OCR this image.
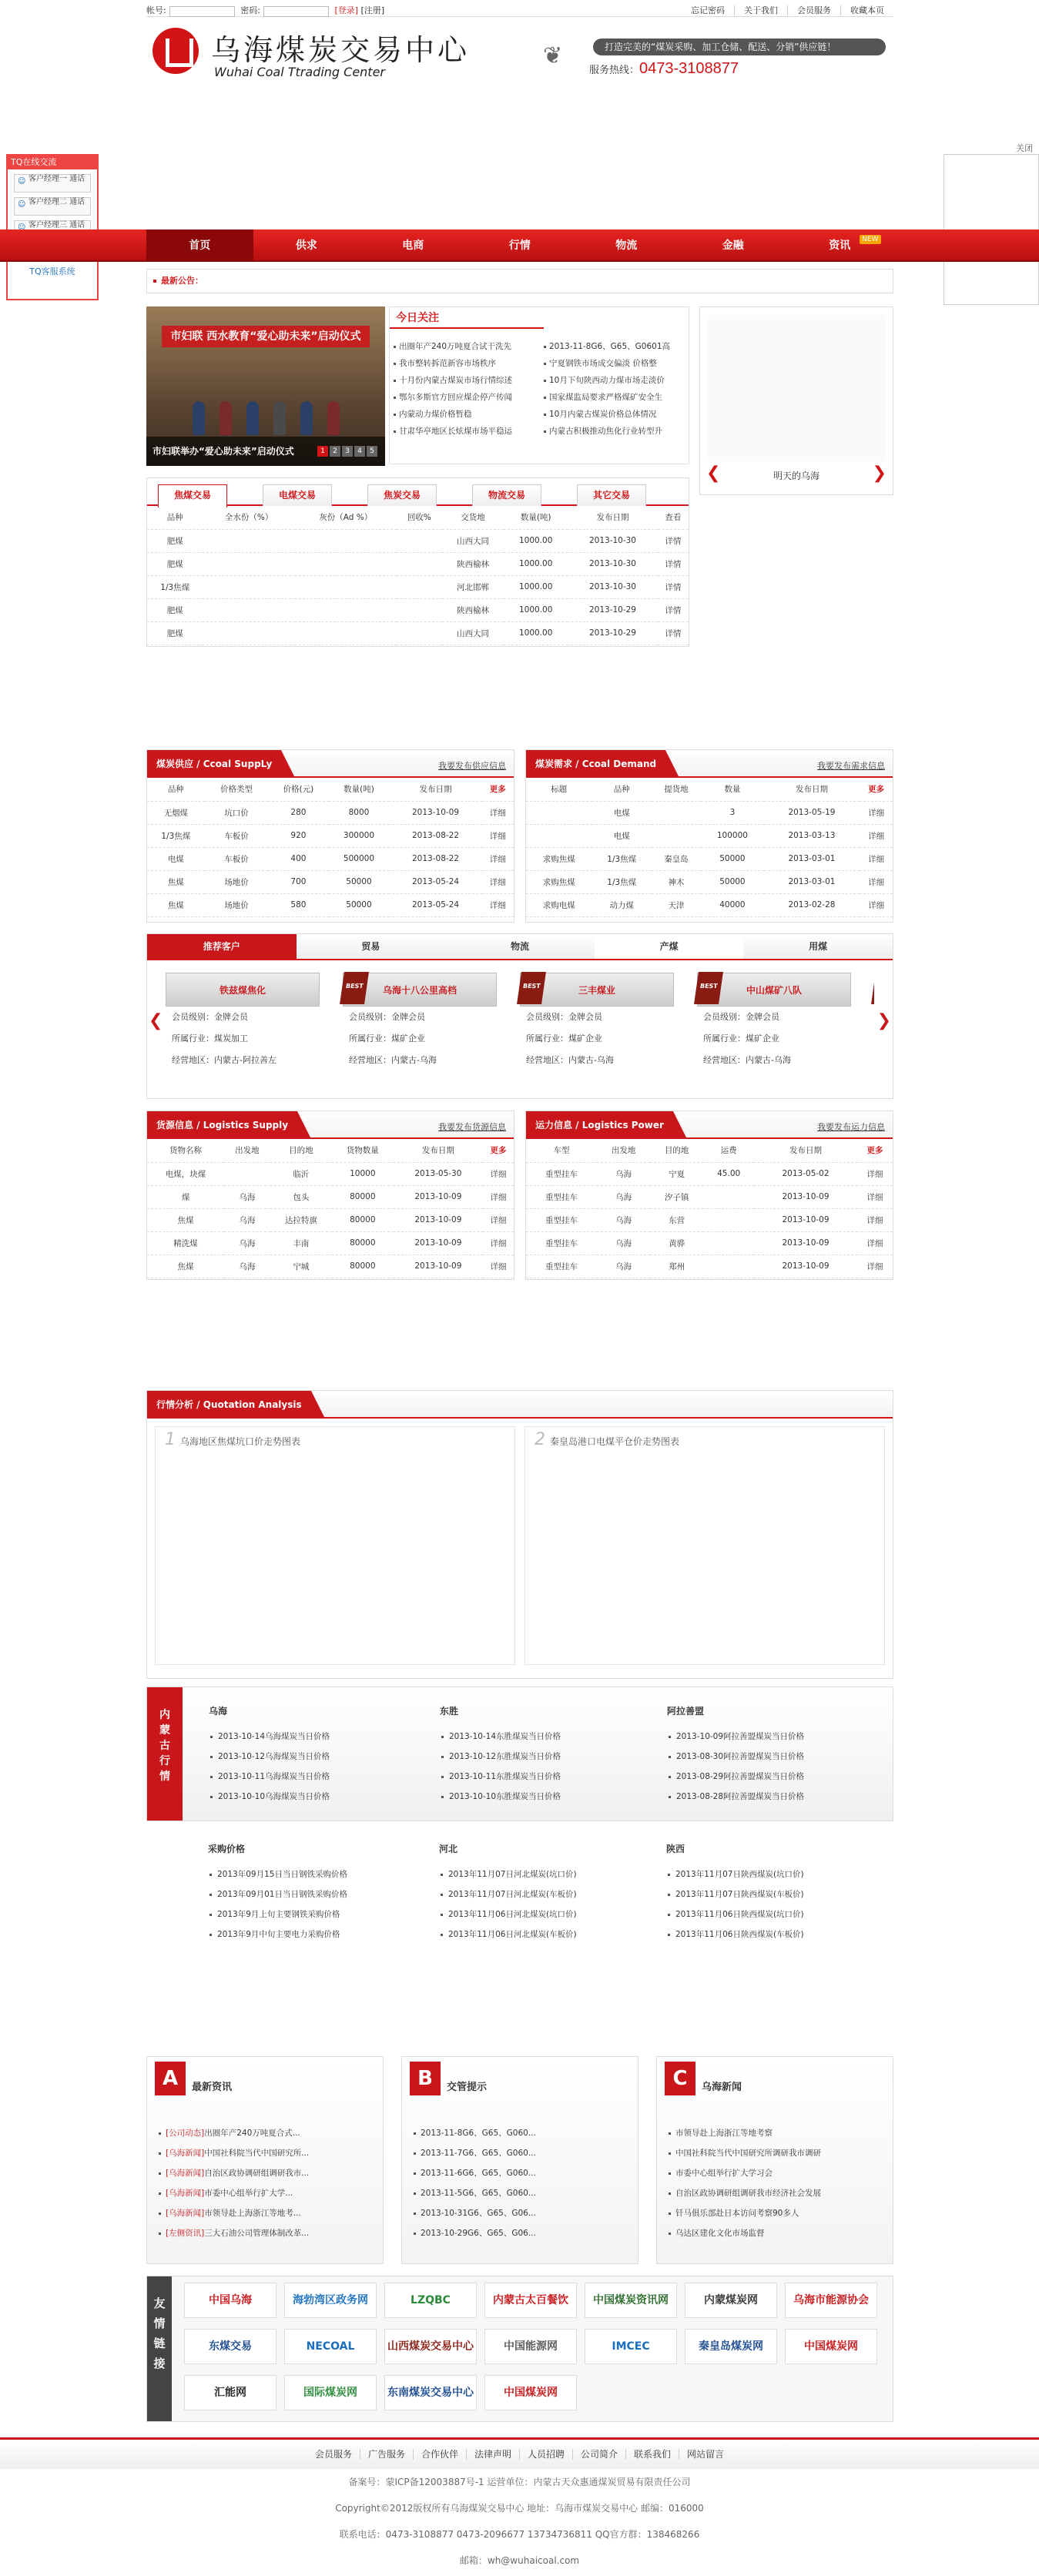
帐号:	密码:	[登录] [注册]	忘记密码 关于我们 会员服务 收藏本页
乌海煤炭交易中心
Wuhai Coal Ttrading Center
❦	打造完美的“煤炭采购、加工仓储、配送、分销”供应链！
服务热线：0473-3108877
TQ在线交流
☺ 客户经理一 通话
☺ 客户经理二 通话
☺ 客户经理三 通话
TQ客服系统
关闭
首页	供求	电商	行情	物流	金融	资讯	NEW
最新公告：
市妇联 西水教育“爱心助未来”启动仪式
市妇联举办“爱心助未来”启动仪式	1 2 3 4 5
今日关注
出圈年产240万吨夏合试干洗先
我市整转拆范新容市场秩序
十月份内蒙古煤炭市场行情综述
鄂尔多斯官方回应煤企停产传闻
内蒙动力煤价格暂稳
甘肃华亭地区长炫煤市场平稳运
2013-11-8G6、G65、G0601高
宁夏钢铁市场成交偏淡 价格整
10月下旬陕西动力煤市场走淡价
国家煤监局要求严格煤矿安全生
10月内蒙古煤炭价格总体情况
内蒙古积极推动焦化行业转型升
❮	明天的乌海	❯
焦煤交易	电煤交易	焦炭交易	物流交易	其它交易
品种	全水份（%）	灰份（Ad %）	回收%	交货地	数量(吨)	发布日期	查看
肥煤				山西大同	1000.00	2013-10-30	详情
肥煤				陕西榆林	1000.00	2013-10-30	详情
1/3焦煤				河北邯郸	1000.00	2013-10-30	详情
肥煤				陕西榆林	1000.00	2013-10-29	详情
肥煤				山西大同	1000.00	2013-10-29	详情
煤炭供应 / Ccoal SuppLy	我要发布供应信息
品种	价格类型	价格(元)	数量(吨)	发布日期	更多
无烟煤	坑口价	280	8000	2013-10-09	详细
1/3焦煤	车板价	920	300000	2013-08-22	详细
电煤	车板价	400	500000	2013-08-22	详细
焦煤	场地价	700	50000	2013-05-24	详细
焦煤	场地价	580	50000	2013-05-24	详细
煤炭需求 / Ccoal Demand	我要发布需求信息
标题	品种	提货地	数量	发布日期	更多
	电煤		3	2013-05-19	详细
	电煤		100000	2013-03-13	详细
求购焦煤	1/3焦煤	秦皇岛	50000	2013-03-01	详细
求购焦煤	1/3焦煤	神木	50000	2013-03-01	详细
求购电煤	动力煤	天津	40000	2013-02-28	详细
推荐客户	贸易	物流	产煤	用煤
❮	❯
铁兹煤焦化

会员级别：金牌会员

所属行业：煤炭加工

经营地区：内蒙古-阿拉善左

BEST	乌海十八公里高档

会员级别：金牌会员

所属行业：煤矿企业

经营地区：内蒙古-乌海

BEST	三丰煤业

会员级别：金牌会员

所属行业：煤矿企业

经营地区：内蒙古-乌海

BEST	中山煤矿八队

会员级别：金牌会员

所属行业：煤矿企业

经营地区：内蒙古-乌海

货源信息 / Logistics Supply	我要发布货源信息
货物名称	出发地	目的地	货物数量	发布日期	更多
电煤，块煤		临沂	10000	2013-05-30	详细
煤	乌海	包头	80000	2013-10-09	详细
焦煤	乌海	达拉特旗	80000	2013-10-09	详细
精洗煤	乌海	丰南	80000	2013-10-09	详细
焦煤	乌海	宁城	80000	2013-10-09	详细
运力信息 / Logistics Power	我要发布运力信息
车型	出发地	目的地	运费	发布日期	更多
重型挂车	乌海	宁夏	45.00	2013-05-02	详细
重型挂车	乌海	汐子镇		2013-10-09	详细
重型挂车	乌海	东营		2013-10-09	详细
重型挂车	乌海	黄骅		2013-10-09	详细
重型挂车	乌海	郑州		2013-10-09	详细
行情分析 / Quotation Analysis
1 乌海地区焦煤坑口价走势图表	2 秦皇岛港口电煤平仓价走势图表
内蒙古行情
乌海
2013-10-14乌海煤炭当日价格
2013-10-12乌海煤炭当日价格
2013-10-11乌海煤炭当日价格
2013-10-10乌海煤炭当日价格
东胜
2013-10-14东胜煤炭当日价格
2013-10-12东胜煤炭当日价格
2013-10-11东胜煤炭当日价格
2013-10-10东胜煤炭当日价格
阿拉善盟
2013-10-09阿拉善盟煤炭当日价格
2013-08-30阿拉善盟煤炭当日价格
2013-08-29阿拉善盟煤炭当日价格
2013-08-28阿拉善盟煤炭当日价格
采购价格
2013年09月15日当日钢铁采购价格
2013年09月01日当日钢铁采购价格
2013年9月上旬主要钢铁采购价格
2013年9月中旬主要电力采购价格
河北
2013年11月07日河北煤炭(坑口价)
2013年11月07日河北煤炭(车板价)
2013年11月06日河北煤炭(坑口价)
2013年11月06日河北煤炭(车板价)
陕西
2013年11月07日陕西煤炭(坑口价)
2013年11月07日陕西煤炭(车板价)
2013年11月06日陕西煤炭(坑口价)
2013年11月06日陕西煤炭(车板价)
A	最新资讯
[公司动态]出圈年产240万吨夏合式...
[乌海新闻]中国社科院当代中国研究所...
[乌海新闻]自治区政协调研组调研我市...
[乌海新闻]市委中心组举行扩大学...
[乌海新闻]市领导赴上海浙江等地考...
[左侧资讯]三大石油公司管理体制改革...
B	交管提示
2013-11-8G6、G65、G060...
2013-11-7G6、G65、G060...
2013-11-6G6、G65、G060...
2013-11-5G6、G65、G060...
2013-10-31G6、G65、G06...
2013-10-29G6、G65、G06...
C	乌海新闻
市领导赴上海浙江等地考察
中国社科院当代中国研究所调研我市调研
市委中心组举行扩大学习会
自治区政协调研组调研我市经济社会发展
钎马俱乐部赴日本访问考察90多人
乌达区建化文化市场监督
友情链接
中国乌海	海勃湾区政务网	LZQBC	内蒙古太百餐饮	中国煤炭资讯网	内蒙煤炭网	乌海市能源协会
东煤交易	NECOAL	山西煤炭交易中心	中国能源网	IMCEC	秦皇岛煤炭网	中国煤炭网
汇能网	国际煤炭网	东南煤炭交易中心	中国煤炭网
会员服务 广告服务 合作伙伴 法律声明 人员招聘 公司简介 联系我们 网站留言

备案号：蒙ICP备12003887号-1 运营单位：内蒙古天众惠通煤炭贸易有限责任公司

Copyright©2012版权所有乌海煤炭交易中心 地址：乌海市煤炭交易中心 邮编：016000

联系电话：0473-3108877 0473-2096677 13734736811 QQ官方群：138468266

邮箱：wh@wuhaicoal.com
